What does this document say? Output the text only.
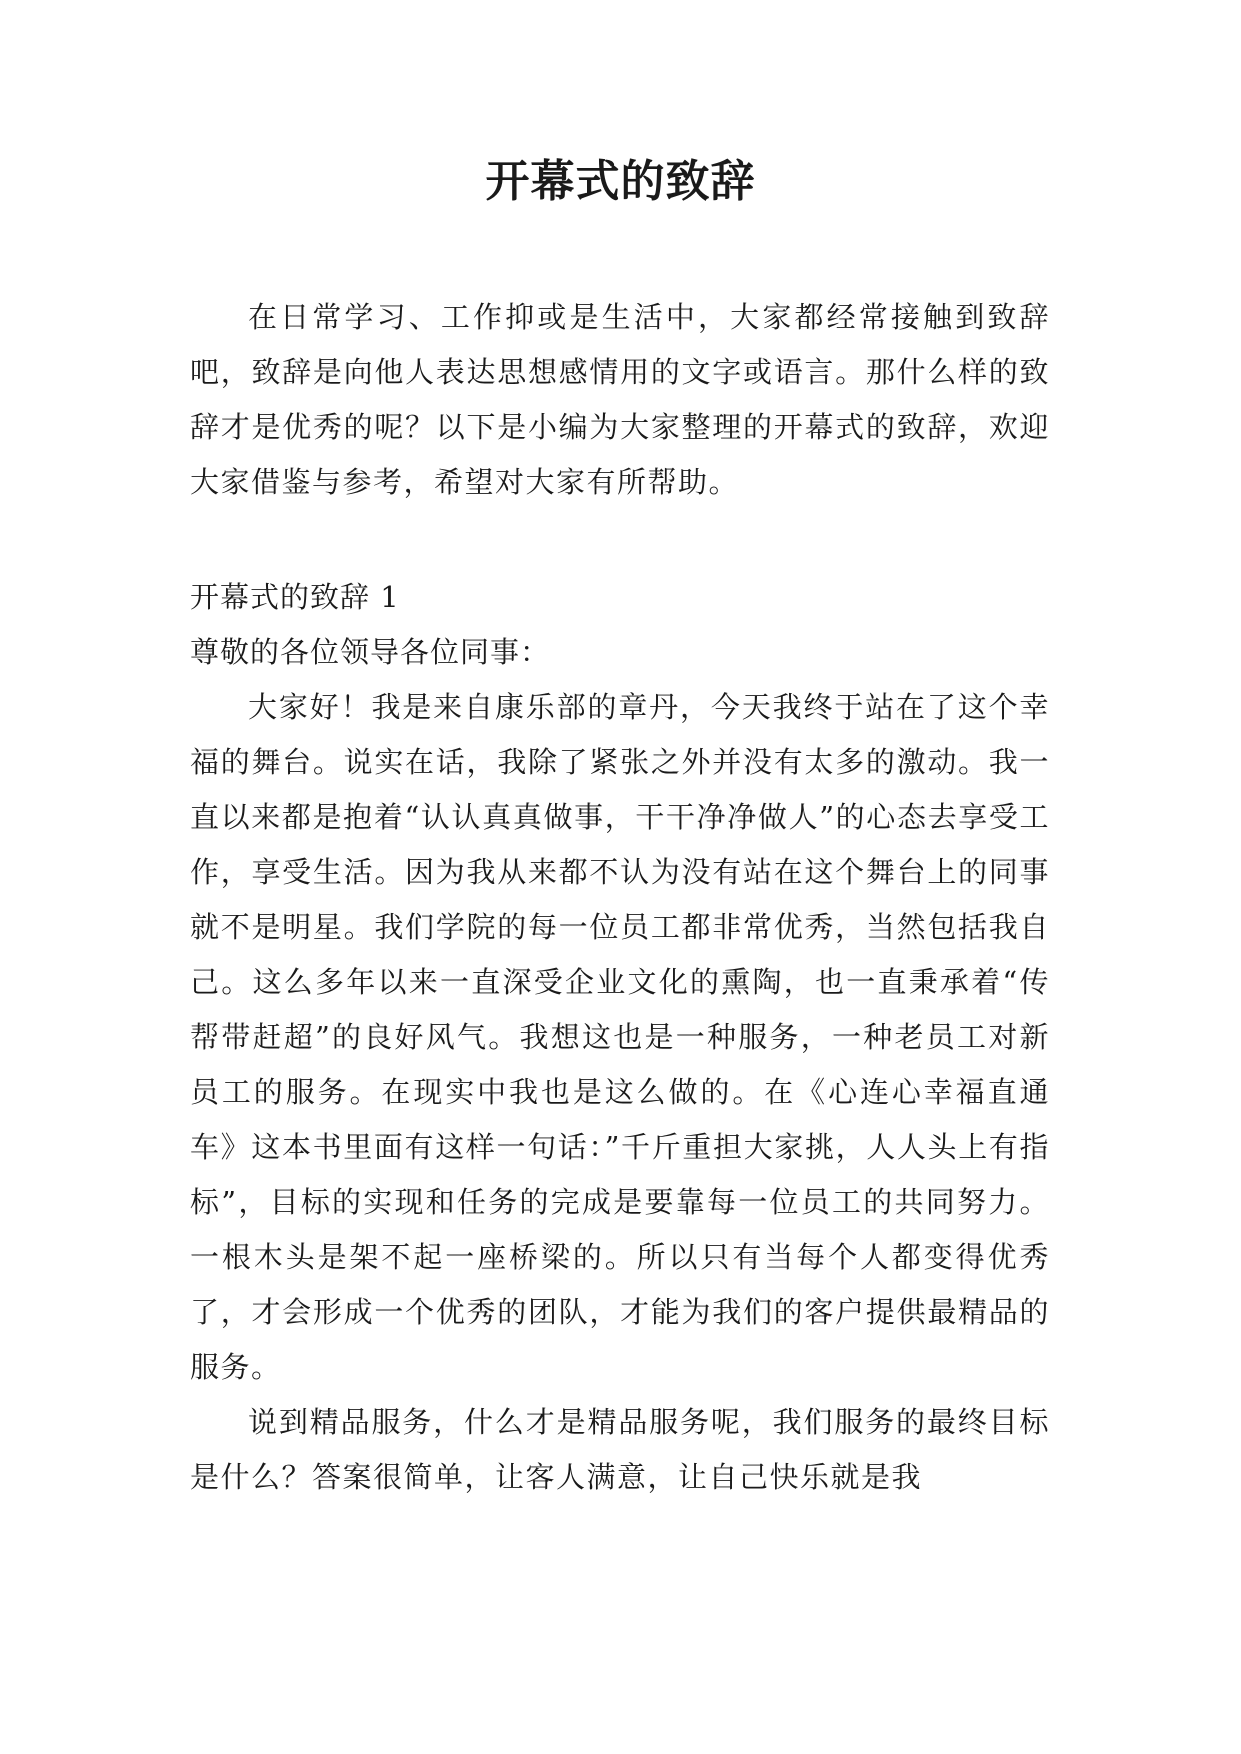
开幕式的致辞

在日常学习、工作抑或是生活中，大家都经常接触到致辞吧，致辞是向他人表达思想感情用的文字或语言。那什么样的致辞才是优秀的呢？以下是小编为大家整理的开幕式的致辞，欢迎大家借鉴与参考，希望对大家有所帮助。

开幕式的致辞 1

尊敬的各位领导各位同事：

大家好！我是来自康乐部的章丹，今天我终于站在了这个幸福的舞台。说实在话，我除了紧张之外并没有太多的激动。我一直以来都是抱着“认认真真做事，干干净净做人”的心态去享受工作，享受生活。因为我从来都不认为没有站在这个舞台上的同事就不是明星。我们学院的每一位员工都非常优秀，当然包括我自己。这么多年以来一直深受企业文化的熏陶，也一直秉承着“传帮带赶超”的良好风气。我想这也是一种服务，一种老员工对新员工的服务。在现实中我也是这么做的。在《心连心幸福直通车》这本书里面有这样一句话：”千斤重担大家挑，人人头上有指标”，目标的实现和任务的完成是要靠每一位员工的共同努力。一根木头是架不起一座桥梁的。所以只有当每个人都变得优秀了，才会形成一个优秀的团队，才能为我们的客户提供最精品的服务。

说到精品服务，什么才是精品服务呢，我们服务的最终目标是什么？答案很简单，让客人满意，让自己快乐就是我
